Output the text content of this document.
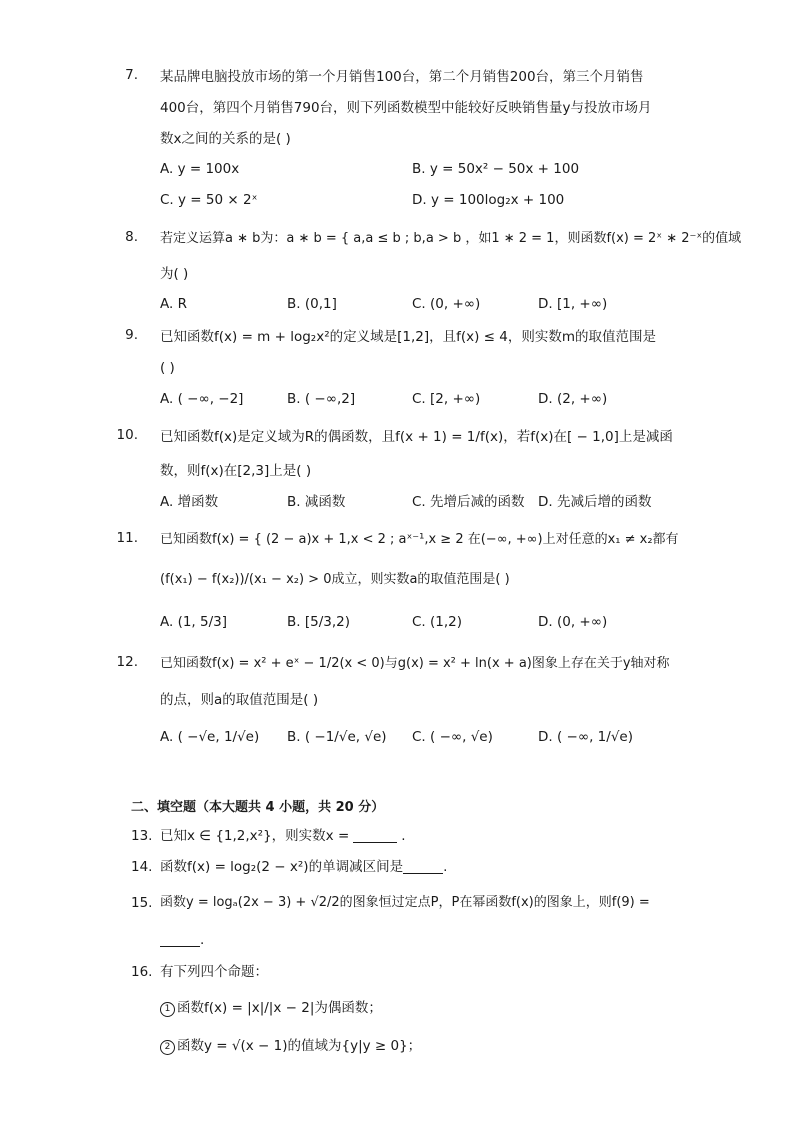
7. 某品牌电脑投放市场的第一个月销售100台，第二个月销售200台，第三个月销售
400台，第四个月销售790台，则下列函数模型中能较好反映销售量y与投放市场月
数x之间的关系的是( )
A. y = 100x	B. y = 50x² − 50x + 100
C. y = 50 × 2ˣ	D. y = 100log₂x + 100
8. 若定义运算a ∗ b为：a ∗ b = { a,a ≤ b ; b,a > b ，如1 ∗ 2 = 1，则函数f(x) = 2ˣ ∗ 2⁻ˣ的值域
为( )
A. R	B. (0,1]	C. (0, +∞)	D. [1, +∞)
9. 已知函数f(x) = m + log₂x²的定义域是[1,2]，且f(x) ≤ 4，则实数m的取值范围是
( )
A. ( −∞, −2]	B. ( −∞,2]	C. [2, +∞)	D. (2, +∞)
10. 已知函数f(x)是定义域为R的偶函数，且f(x + 1) = 1/f(x)，若f(x)在[ − 1,0]上是减函
数，则f(x)在[2,3]上是( )
A. 增函数	B. 减函数	C. 先增后减的函数 D. 先减后增的函数
11. 已知函数f(x) = { (2 − a)x + 1,x < 2 ; aˣ⁻¹,x ≥ 2 在(−∞, +∞)上对任意的x₁ ≠ x₂都有
(f(x₁) − f(x₂))/(x₁ − x₂) > 0成立，则实数a的取值范围是( )
A. (1, 5/3]	B. [5/3,2)	C. (1,2)	D. (0, +∞)
12. 已知函数f(x) = x² + eˣ − 1/2(x < 0)与g(x) = x² + ln(x + a)图象上存在关于y轴对称
的点，则a的取值范围是( )
A. ( −√e, 1/√e) B. ( −1/√e, √e) C. ( −∞, √e)	D. ( −∞, 1/√e)
二、填空题（本大题共 4 小题，共 20 分）
13. 已知x ∈ {1,2,x²}，则实数x =	.
14. 函数f(x) = log₂(2 − x²)的单调减区间是	.
15. 函数y = logₐ(2x − 3) + √2/2的图象恒过定点P，P在幂函数f(x)的图象上，则f(9) =
.
16. 有下列四个命题：
1 函数f(x) = |x|/|x − 2|为偶函数；
2 函数y = √(x − 1)的值域为{y|y ≥ 0}；
